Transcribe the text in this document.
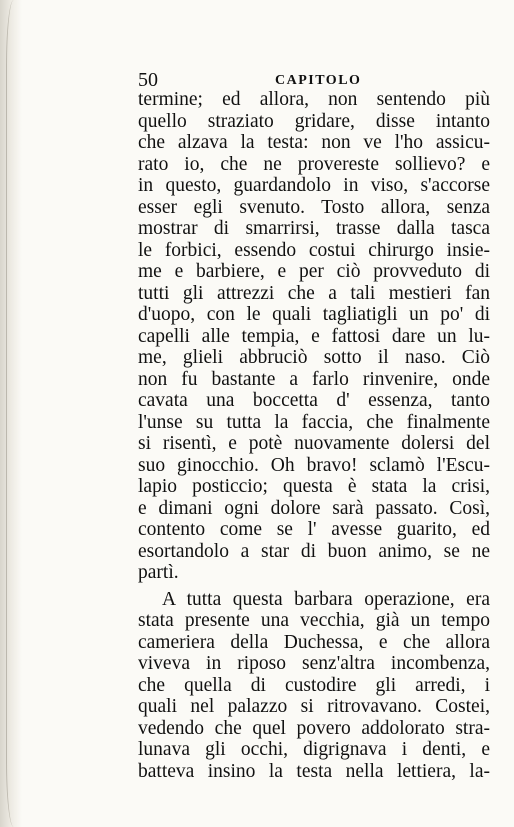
50	CAPITOLO
termine; ed allora, non sentendo più
quello straziato gridare, disse intanto
che alzava la testa: non ve l'ho assicu-
rato io, che ne provereste sollievo? e
in questo, guardandolo in viso, s'accorse
esser egli svenuto. Tosto allora, senza
mostrar di smarrirsi, trasse dalla tasca
le forbici, essendo costui chirurgo insie-
me e barbiere, e per ciò provveduto di
tutti gli attrezzi che a tali mestieri fan
d'uopo, con le quali tagliatigli un po' di
capelli alle tempia, e fattosi dare un lu-
me, glieli abbruciò sotto il naso. Ciò
non fu bastante a farlo rinvenire, onde
cavata una boccetta d' essenza, tanto
l'unse su tutta la faccia, che finalmente
si risentì, e potè nuovamente dolersi del
suo ginocchio. Oh bravo! sclamò l'Escu-
lapio posticcio; questa è stata la crisi,
e dimani ogni dolore sarà passato. Così,
contento come se l' avesse guarito, ed
esortandolo a star di buon animo, se ne
partì.
A tutta questa barbara operazione, era
stata presente una vecchia, già un tempo
cameriera della Duchessa, e che allora
viveva in riposo senz'altra incombenza,
che quella di custodire gli arredi, i
quali nel palazzo si ritrovavano. Costei,
vedendo che quel povero addolorato stra-
lunava gli occhi, digrignava i denti, e
batteva insino la testa nella lettiera, la-
